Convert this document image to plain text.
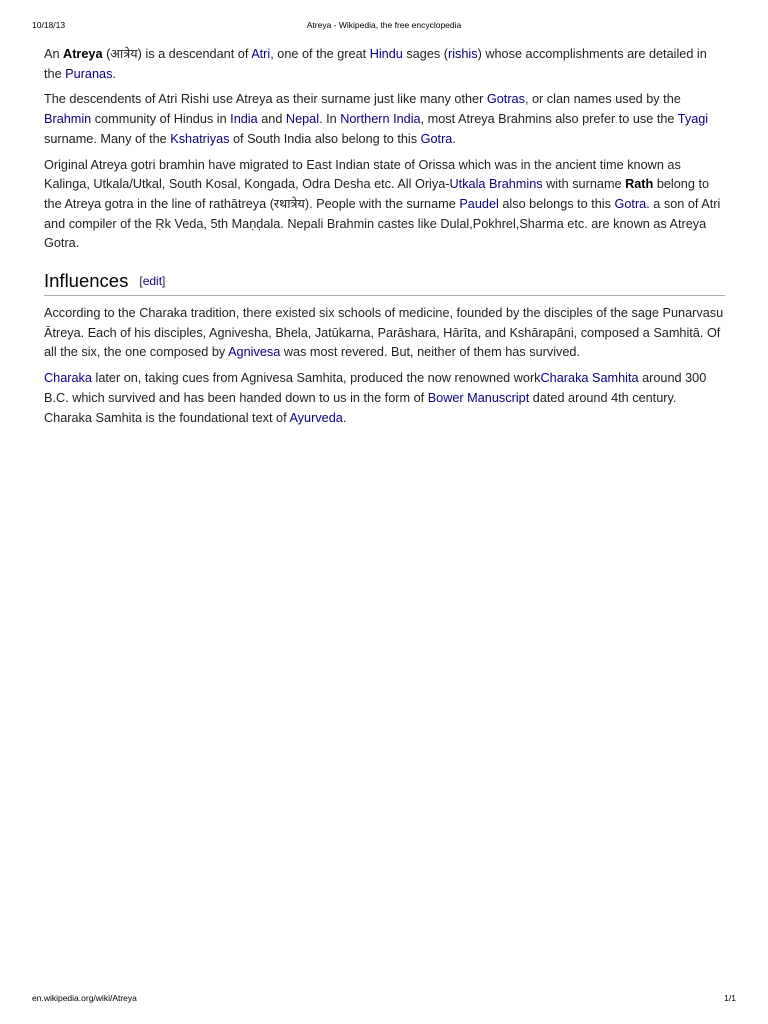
10/18/13	Atreya - Wikipedia, the free encyclopedia

An Atreya (आत्रेय) is a descendant of Atri, one of the great Hindu sages (rishis) whose accomplishments are detailed in the Puranas.

The descendents of Atri Rishi use Atreya as their surname just like many other Gotras, or clan names used by the Brahmin community of Hindus in India and Nepal. In Northern India, most Atreya Brahmins also prefer to use the Tyagi surname. Many of the Kshatriyas of South India also belong to this Gotra.

Original Atreya gotri bramhin have migrated to East Indian state of Orissa which was in the ancient time known as Kalinga, Utkala/Utkal, South Kosal, Kongada, Odra Desha etc. All Oriya-Utkala Brahmins with surname Rath belong to the Atreya gotra in the line of rathātreya (रथात्रेय). People with the surname Paudel also belongs to this Gotra. a son of Atri and compiler of the Ṛk Veda, 5th Maṇḍala. Nepali Brahmin castes like Dulal,Pokhrel,Sharma etc. are known as Atreya Gotra.

Influences [edit]

According to the Charaka tradition, there existed six schools of medicine, founded by the disciples of the sage Punarvasu Ātreya. Each of his disciples, Agnivesha, Bhela, Jatūkarna, Parāshara, Hārīta, and Kshārapāni, composed a Samhitā. Of all the six, the one composed by Agnivesa was most revered. But, neither of them has survived.

Charaka later on, taking cues from Agnivesa Samhita, produced the now renowned workCharaka Samhita around 300 B.C. which survived and has been handed down to us in the form of Bower Manuscript dated around 4th century. Charaka Samhita is the foundational text of Ayurveda.

en.wikipedia.org/wiki/Atreya	1/1
